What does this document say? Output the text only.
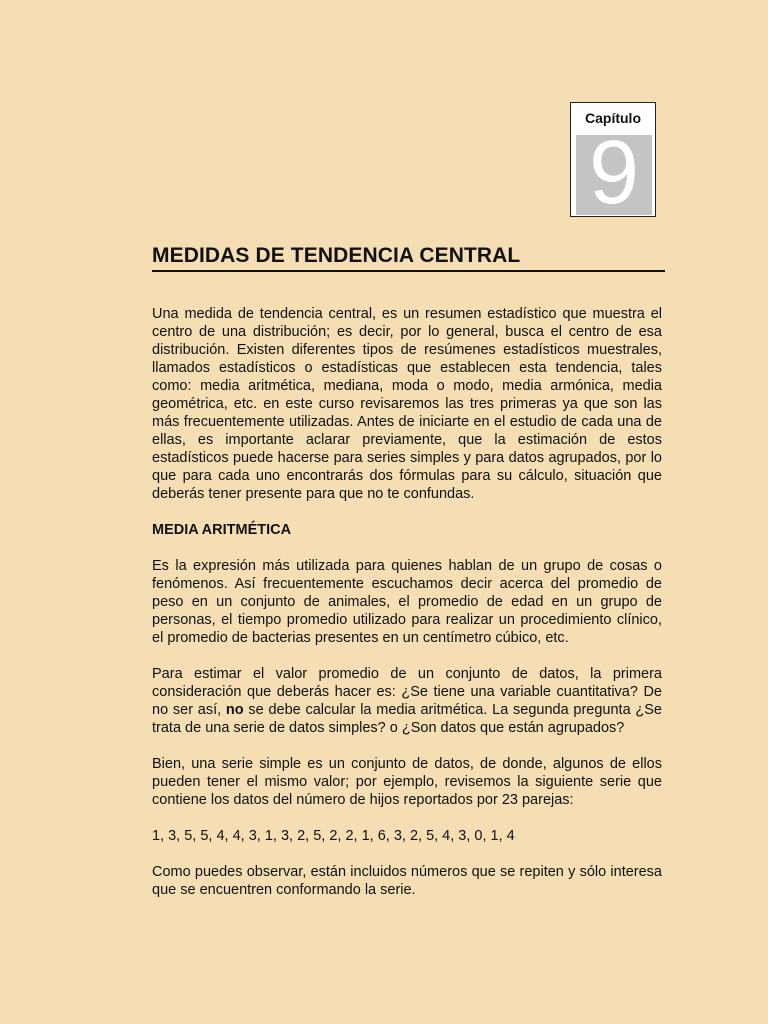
Capítulo
9
MEDIDAS DE TENDENCIA CENTRAL

Una medida de tendencia central, es un resumen estadístico que muestra el centro de una distribución; es decir, por lo general, busca el centro de esa distribución. Existen diferentes tipos de resúmenes estadísticos muestrales, llamados estadísticos o estadísticas que establecen esta tendencia, tales como: media aritmética, mediana, moda o modo, media armónica, media geométrica, etc. en este curso revisaremos las tres primeras ya que son las más frecuentemente utilizadas. Antes de iniciarte en el estudio de cada una de ellas, es importante aclarar previamente, que la estimación de estos estadísticos puede hacerse para series simples y para datos agrupados, por lo que para cada uno encontrarás dos fórmulas para su cálculo, situación que deberás tener presente para que no te confundas.

MEDIA ARITMÉTICA

Es la expresión más utilizada para quienes hablan de un grupo de cosas o fenómenos. Así frecuentemente escuchamos decir acerca del promedio de peso en un conjunto de animales, el promedio de edad en un grupo de personas, el tiempo promedio utilizado para realizar un procedimiento clínico, el promedio de bacterias presentes en un centímetro cúbico, etc.

Para estimar el valor promedio de un conjunto de datos, la primera consideración que deberás hacer es: ¿Se tiene una variable cuantitativa? De no ser así, no se debe calcular la media aritmética. La segunda pregunta ¿Se trata de una serie de datos simples? o ¿Son datos que están agrupados?

Bien, una serie simple es un conjunto de datos, de donde, algunos de ellos pueden tener el mismo valor; por ejemplo, revisemos la siguiente serie que contiene los datos del número de hijos reportados por 23 parejas:

1, 3, 5, 5, 4, 4, 3, 1, 3, 2, 5, 2, 2, 1, 6, 3, 2, 5, 4, 3, 0, 1, 4

Como puedes observar, están incluidos números que se repiten y sólo interesa que se encuentren conformando la serie.
